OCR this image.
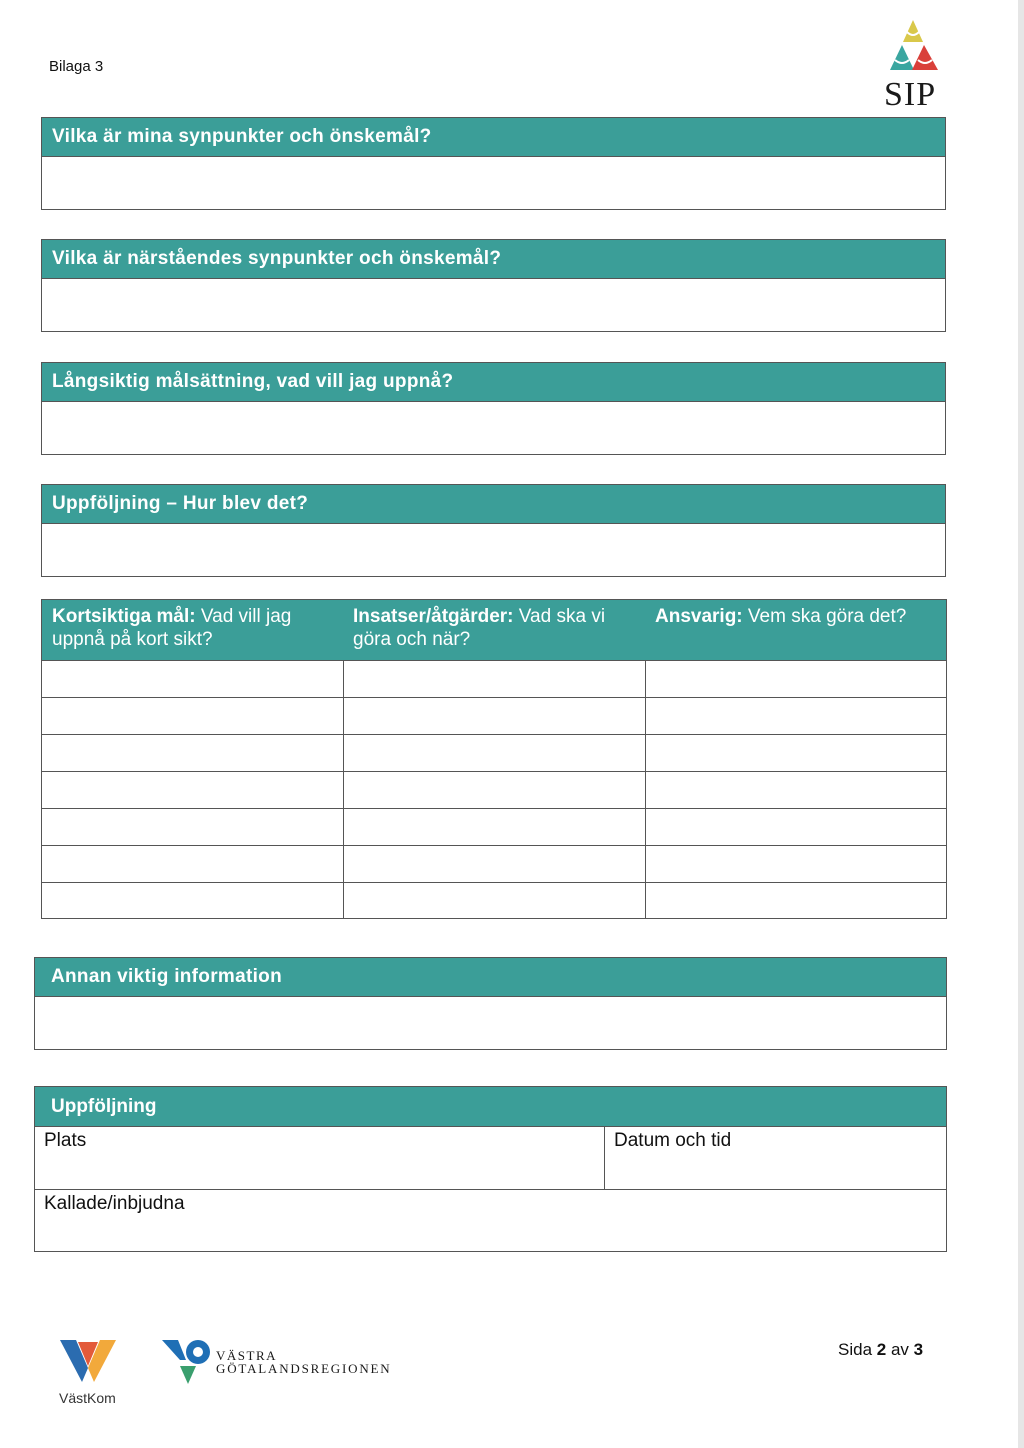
Bilaga 3
SIP
Vilka är mina synpunkter och önskemål?
Vilka är närståendes synpunkter och önskemål?
Långsiktig målsättning, vad vill jag uppnå?
Uppföljning – Hur blev det?
Kortsiktiga mål: Vad vill jag uppnå på kort sikt?
Insatser/åtgärder: Vad ska vi göra och när?
Ansvarig: Vem ska göra det?
Annan viktig information
Uppföljning
Plats	Datum och tid
Kallade/inbjudna
VästKom
VÄSTRA
GÖTALANDSREGIONEN
Sida 2 av 3
